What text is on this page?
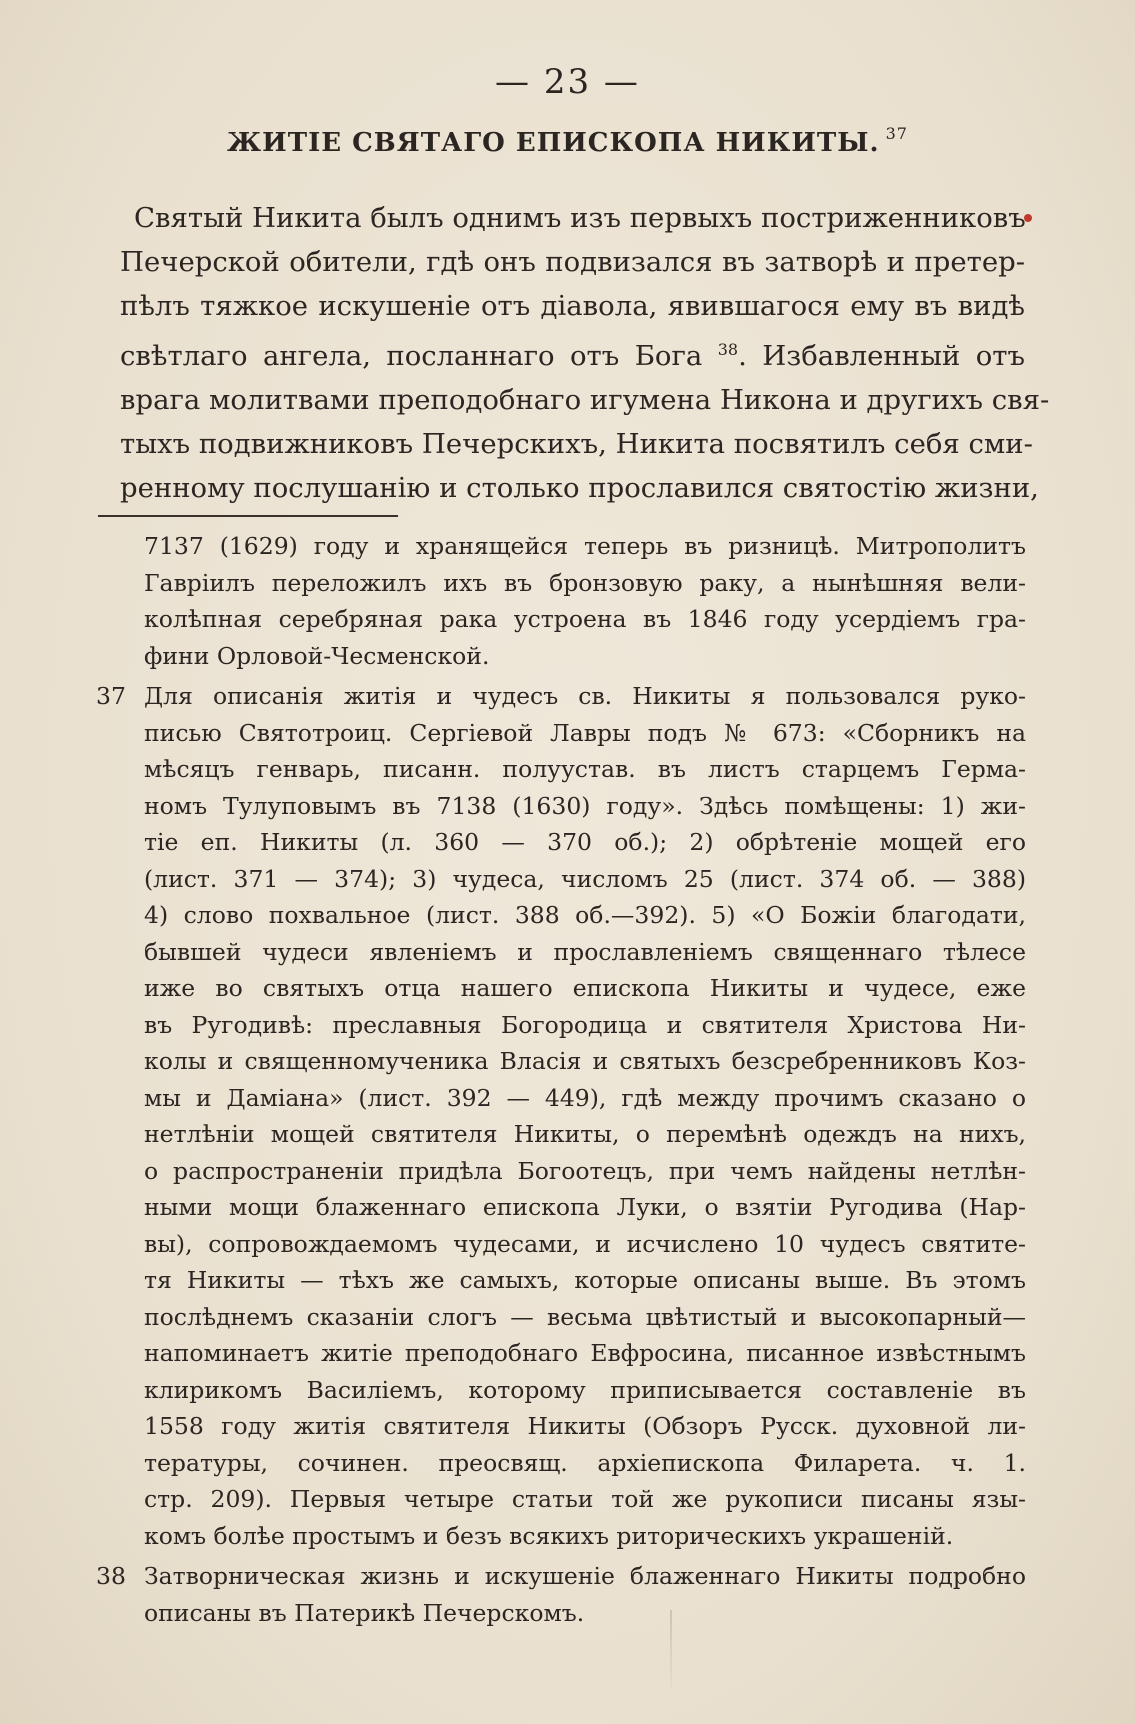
— 23 —
ЖИТІЕ СВЯТАГО ЕПИСКОПА НИКИТЫ. $^{37}$

Святый Никита былъ однимъ изъ первыхъ постриженниковъ
Печерской обители, гдѣ онъ подвизался въ затворѣ и претер-
пѣлъ тяжкое искушеніе отъ діавола, явившагося ему въ видѣ
свѣтлаго ангела, посланнаго отъ Бога $^{38}$. Избавленный отъ
врага молитвами преподобнаго игумена Никона и другихъ свя-
тыхъ подвижниковъ Печерскихъ, Никита посвятилъ себя сми-
ренному послушанію и столько прославился святостію жизни,

7137 (1629) году и хранящейся теперь въ ризницѣ. Митрополитъ
Гавріилъ переложилъ ихъ въ бронзовую раку, а нынѣшняя вели-
колѣпная серебряная рака устроена въ 1846 году усердіемъ гра-
фини Орловой-Чесменской.
37 Для описанія житія и чудесъ св. Никиты я пользовался руко-
писью Святотроиц. Сергіевой Лавры подъ № 673: «Сборникъ на
мѣсяцъ генварь, писанн. полуустав. въ листъ старцемъ Герма-
номъ Тулуповымъ въ 7138 (1630) году». Здѣсь помѣщены: 1) жи-
тіе еп. Никиты (л. 360 — 370 об.); 2) обрѣтеніе мощей его
(лист. 371 — 374); 3) чудеса, числомъ 25 (лист. 374 об. — 388)
4) слово похвальное (лист. 388 об.—392). 5) «О Божіи благодати,
бывшей чудеси явленіемъ и прославленіемъ священнаго тѣлесе
иже во святыхъ отца нашего епископа Никиты и чудесе, еже
въ Ругодивѣ: преславныя Богородица и святителя Христова Ни-
колы и священномученика Власія и святыхъ безсребренниковъ Коз-
мы и Даміана» (лист. 392 — 449), гдѣ между прочимъ сказано о
нетлѣніи мощей святителя Никиты, о перемѣнѣ одеждъ на нихъ,
о распространеніи придѣла Богоотецъ, при чемъ найдены нетлѣн-
ными мощи блаженнаго епископа Луки, о взятіи Ругодива (Нар-
вы), сопровождаемомъ чудесами, и исчислено 10 чудесъ святите-
тя Никиты — тѣхъ же самыхъ, которые описаны выше. Въ этомъ
послѣднемъ сказаніи слогъ — весьма цвѣтистый и высокопарный—
напоминаетъ житіе преподобнаго Евфросина, писанное извѣстнымъ
клирикомъ Василіемъ, которому приписывается составленіе въ
1558 году житія святителя Никиты (Обзоръ Русск. духовной ли-
тературы, сочинен. преосвящ. архіепископа Филарета. ч. 1.
стр. 209). Первыя четыре статьи той же рукописи писаны язы-
комъ болѣе простымъ и безъ всякихъ риторическихъ украшеній.
38 Затворническая жизнь и искушеніе блаженнаго Никиты подробно
описаны въ Патерикѣ Печерскомъ.
